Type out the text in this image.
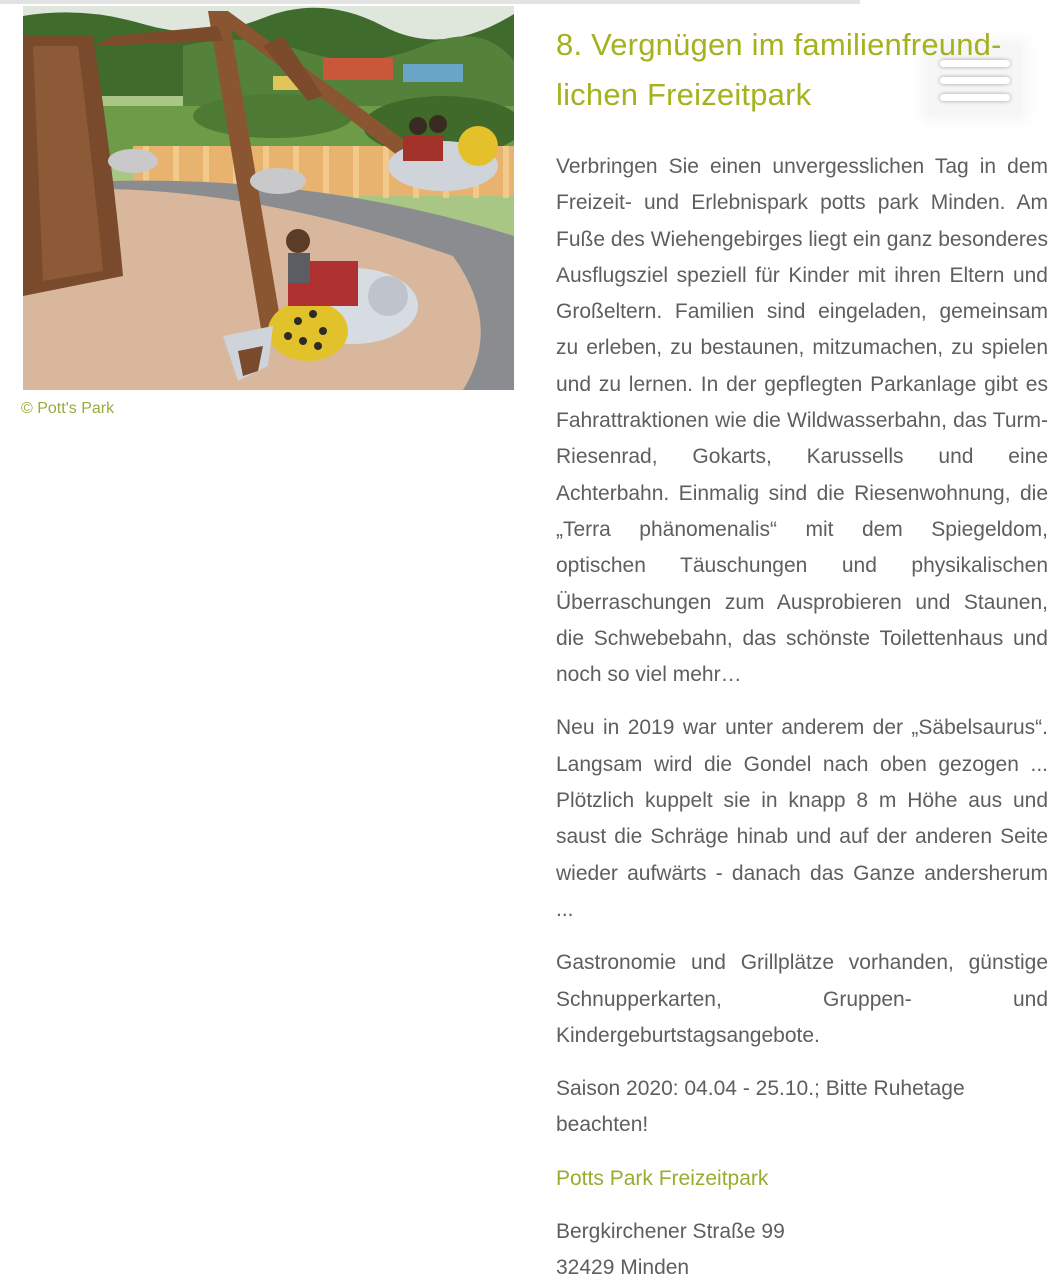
© Pott's Park
8. Vergnügen im familienfreund-
lichen Freizeitpark

Verbringen Sie einen unvergesslichen Tag in dem Freizeit- und Erlebnispark potts park Minden. Am Fuße des Wiehengebirges liegt ein ganz besonderes Ausflugsziel speziell für Kinder mit ihren Eltern und Großeltern. Familien sind eingeladen, gemeinsam zu erleben, zu bestaunen, mitzumachen, zu spielen und zu lernen. In der gepflegten Parkanlage gibt es Fahrattraktionen wie die Wildwasserbahn, das Turm-Riesenrad, Gokarts, Karussells und eine Achterbahn. Einmalig sind die Riesenwohnung, die „Terra phänomenalis“ mit dem Spiegeldom, optischen Täuschungen und physikalischen Überraschungen zum Ausprobieren und Staunen, die Schwebebahn, das schönste Toilettenhaus und noch so viel mehr…

Neu in 2019 war unter anderem der „Säbelsaurus“. Langsam wird die Gondel nach oben gezogen ... Plötzlich kuppelt sie in knapp 8 m Höhe aus und saust die Schräge hinab und auf der anderen Seite wieder aufwärts - danach das Ganze andersherum ...

Gastronomie und Grillplätze vorhanden, günstige Schnupperkarten, Gruppen- und Kindergeburtstagsangebote.

Saison 2020: 04.04 - 25.10.; Bitte Ruhetage beachten!

Potts Park Freizeitpark
Bergkirchener Straße 99
32429 Minden
